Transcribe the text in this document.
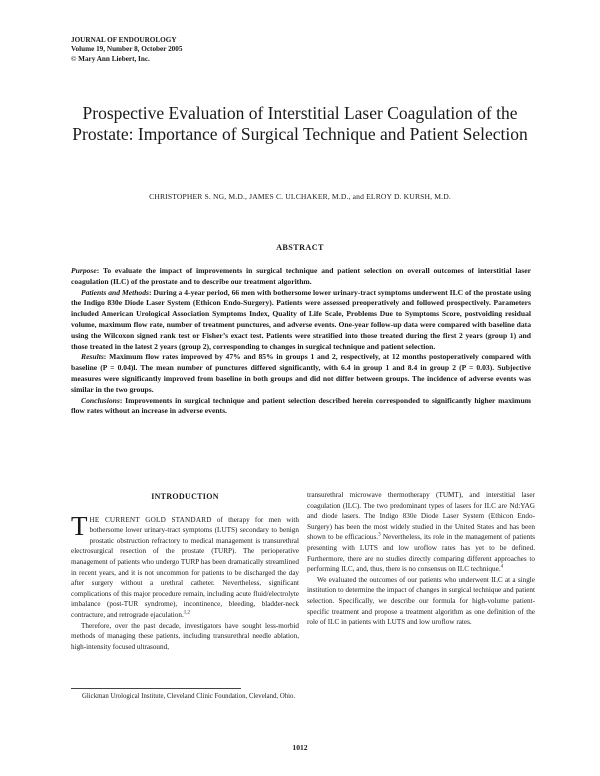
JOURNAL OF ENDOUROLOGY
Volume 19, Number 8, October 2005
© Mary Ann Liebert, Inc.
Prospective Evaluation of Interstitial Laser Coagulation of the Prostate: Importance of Surgical Technique and Patient Selection
CHRISTOPHER S. NG, M.D., JAMES C. ULCHAKER, M.D., and ELROY D. KURSH, M.D.
ABSTRACT

Purpose: To evaluate the impact of improvements in surgical technique and patient selection on overall outcomes of interstitial laser coagulation (ILC) of the prostate and to describe our treatment algorithm.

Patients and Methods: During a 4-year period, 66 men with bothersome lower urinary-tract symptoms underwent ILC of the prostate using the Indigo 830e Diode Laser System (Ethicon Endo-Surgery). Patients were assessed preoperatively and followed prospectively. Parameters included American Urological Association Symptoms Index, Quality of Life Scale, Problems Due to Symptoms Score, postvoiding residual volume, maximum flow rate, number of treatment punctures, and adverse events. One-year follow-up data were compared with baseline data using the Wilcoxon signed rank test or Fisher’s exact test. Patients were stratified into those treated during the first 2 years (group 1) and those treated in the latest 2 years (group 2), corresponding to changes in surgical technique and patient selection.

Results: Maximum flow rates improved by 47% and 85% in groups 1 and 2, respectively, at 12 months postoperatively compared with baseline (P = 0.04)l. The mean number of punctures differed significantly, with 6.4 in group 1 and 8.4 in group 2 (P = 0.03). Subjective measures were significantly improved from baseline in both groups and did not differ between groups. The incidence of adverse events was similar in the two groups.

Conclusions: Improvements in surgical technique and patient selection described herein corresponded to significantly higher maximum flow rates without an increase in adverse events.

INTRODUCTION

THE CURRENT GOLD STANDARD of therapy for men with bothersome lower urinary-tract symptoms (LUTS) secondary to benign prostatic obstruction refractory to medical management is transurethral electrosurgical resection of the prostate (TURP). The perioperative management of patients who undergo TURP has been dramatically streamlined in recent years, and it is not uncommon for patients to be discharged the day after surgery without a urethral catheter. Nevertheless, significant complications of this major procedure remain, including acute fluid/electrolyte imbalance (post-TUR syndrome), incontinence, bleeding, bladder-neck contracture, and retrograde ejaculation.$^{1,2}$

Therefore, over the past decade, investigators have sought less-morbid methods of managing these patients, including transurethral needle ablation, high-intensity focused ultrasound,

transurethral microwave thermotherapy (TUMT), and interstitial laser coagulation (ILC). The two predominant types of lasers for ILC are Nd:YAG and diode lasers. The Indigo 830e Diode Laser System (Ethicon Endo-Surgery) has been the most widely studied in the United States and has been shown to be efficacious.$^3$ Nevertheless, its role in the management of patients presenting with LUTS and low uroflow rates has yet to be defined. Furthermore, there are no studies directly comparing different approaches to performing ILC, and, thus, there is no consensus on ILC technique.$^4$

We evaluated the outcomes of our patients who underwent ILC at a single institution to determine the impact of changes in surgical technique and patient selection. Specifically, we describe our formula for high-volume patient-specific treatment and propose a treatment algorithm as one definition of the role of ILC in patients with LUTS and low uroflow rates.

Glickman Urological Institute, Cleveland Clinic Foundation, Cleveland, Ohio.
1012
